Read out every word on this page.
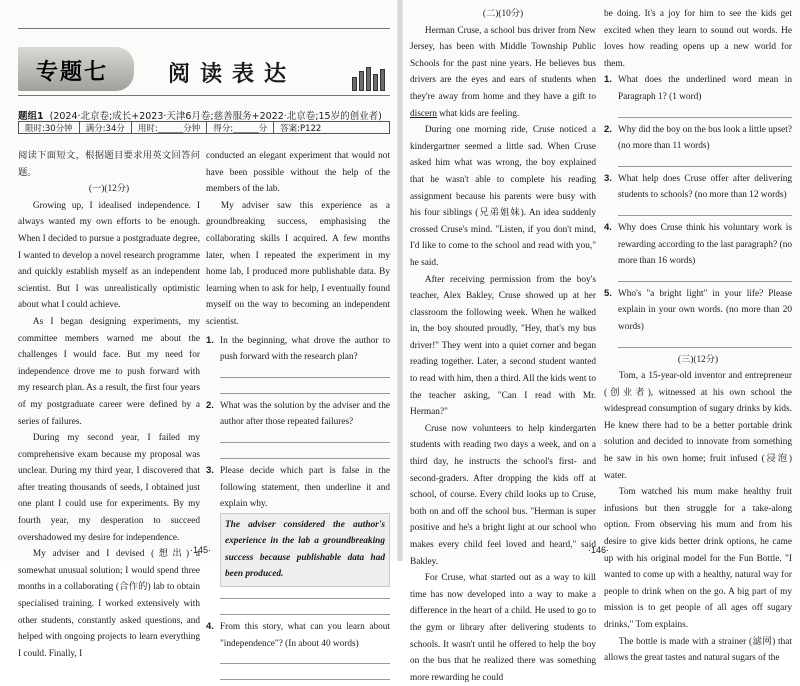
专题七	阅读表达
题组1 (2024·北京卷;成长+2023·天津6月卷;慈善服务+2022·北京卷;15岁的创业者)
限时:30分钟	满分:34分	用时:______分钟	得分:______分	答案:P122

阅读下面短文，根据题目要求用英文回答问题。

(一)(12分)

Growing up, I idealised independence. I always wanted my own efforts to be enough. When I decided to pursue a postgraduate degree, I wanted to develop a novel research programme and quickly establish myself as an independent scientist. But I was unrealistically optimistic about what I could achieve.

As I began designing experiments, my committee members warned me about the challenges I would face. But my need for independence drove me to push forward with my research plan. As a result, the first four years of my postgraduate career were defined by a series of failures.

During my second year, I failed my comprehensive exam because my proposal was unclear. During my third year, I discovered that after treating thousands of seeds, I obtained just one plant I could use for experiments. By my fourth year, my desperation to succeed overshadowed my desire for independence.

My adviser and I devised (想出) a somewhat unusual solution; I would spend three months in a collaborating (合作的) lab to obtain specialised training. I worked extensively with other students, constantly asked questions, and helped with ongoing projects to learn everything I could. Finally, I

conducted an elegant experiment that would not have been possible without the help of the members of the lab.

My adviser saw this experience as a groundbreaking success, emphasising the collaborating skills I acquired. A few months later, when I repeated the experiment in my home lab, I produced more publishable data. By learning when to ask for help, I eventually found myself on the way to becoming an independent scientist.

1. In the beginning, what drove the author to push forward with the research plan?

2. What was the solution by the adviser and the author after those repeated failures?

3. Please decide which part is false in the following statement, then underline it and explain why.

The adviser considered the author's experience in the lab a groundbreaking success because publishable data had been produced.

4. From this story, what can you learn about "independence"? (In about 40 words)

·145·

(二)(10分)

Herman Cruse, a school bus driver from New Jersey, has been with Middle Township Public Schools for the past nine years. He believes bus drivers are the eyes and ears of students when they're away from home and they have a gift to discern what kids are feeling.

During one morning ride, Cruse noticed a kindergartner seemed a little sad. When Cruse asked him what was wrong, the boy explained that he wasn't able to complete his reading assignment because his parents were busy with his four siblings (兄弟姐妹). An idea suddenly crossed Cruse's mind. "Listen, if you don't mind, I'd like to come to the school and read with you," he said.

After receiving permission from the boy's teacher, Alex Bakley, Cruse showed up at her classroom the following week. When he walked in, the boy shouted proudly, "Hey, that's my bus driver!" They went into a quiet corner and began reading together. Later, a second student wanted to read with him, then a third. All the kids went to the teacher asking, "Can I read with Mr. Herman?"

Cruse now volunteers to help kindergarten students with reading two days a week, and on a third day, he instructs the school's first- and second-graders. After dropping the kids off at school, of course. Every child looks up to Cruse, both on and off the school bus. "Herman is super positive and he's a bright light at our school who makes every child feel loved and heard," said Bakley.

For Cruse, what started out as a way to kill time has now developed into a way to make a difference in the heart of a child. He used to go to the gym or library after delivering students to schools. It wasn't until he offered to help the boy on the bus that he realized there was something more rewarding he could

be doing. It's a joy for him to see the kids get excited when they learn to sound out words. He loves how reading opens up a new world for them.

1. What does the underlined word mean in Paragraph 1? (1 word)

2. Why did the boy on the bus look a little upset? (no more than 11 words)

3. What help does Cruse offer after delivering students to schools? (no more than 12 words)

4. Why does Cruse think his voluntary work is rewarding according to the last paragraph? (no more than 16 words)

5. Who's "a bright light" in your life? Please explain in your own words. (no more than 20 words)

(三)(12分)

Tom, a 15-year-old inventor and entrepreneur (创业者), witnessed at his own school the widespread consumption of sugary drinks by kids. He knew there had to be a better portable drink solution and decided to innovate from something he saw in his own home; fruit infused (浸泡) water.

Tom watched his mum make healthy fruit infusions but then struggle for a take-along option. From observing his mum and from his desire to give kids better drink options, he came up with his original model for the Fun Bottle. "I wanted to come up with a healthy, natural way for people to drink when on the go. A big part of my mission is to get people of all ages off sugary drinks," Tom explains.

The bottle is made with a strainer (滤网) that allows the great tastes and natural sugars of the

·146·
